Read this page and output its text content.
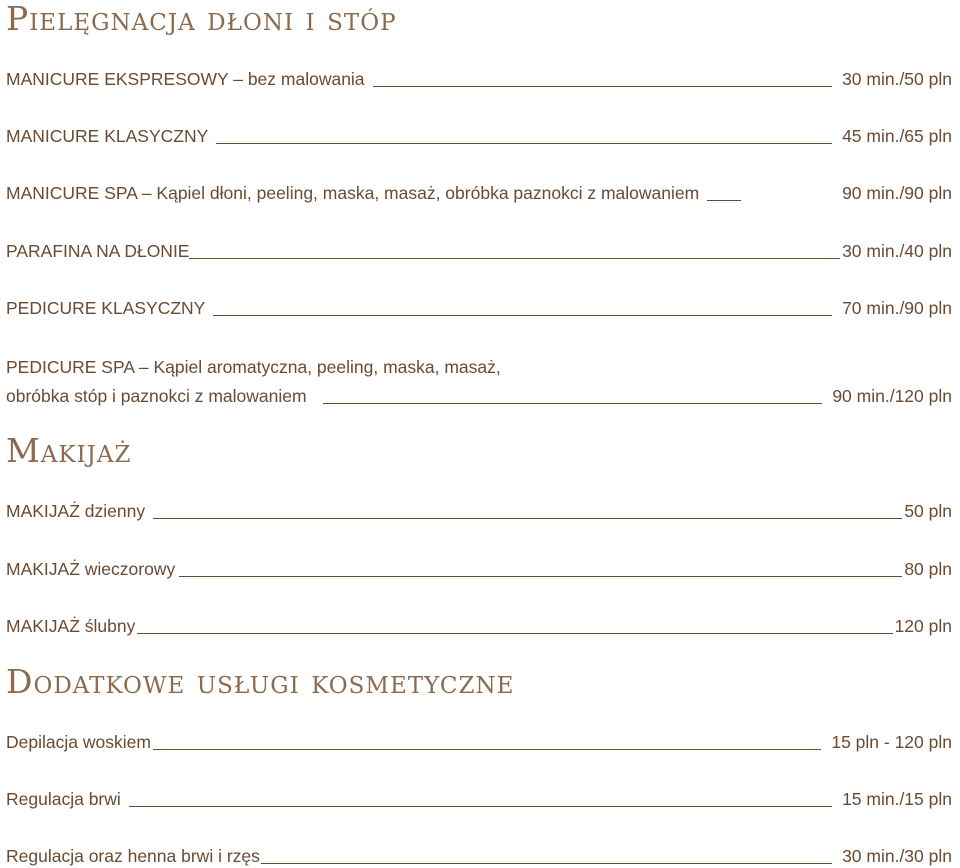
Pielęgnacja dłoni i stóp
MANICURE EKSPRESOWY – bez malowania	30 min./50 pln
MANICURE KLASYCZNY	45 min./65 pln
MANICURE SPA – Kąpiel dłoni, peeling, maska, masaż, obróbka paznokci z malowaniem	90 min./90 pln
PARAFINA NA DŁONIE	30 min./40 pln
PEDICURE KLASYCZNY	70 min./90 pln
PEDICURE SPA – Kąpiel aromatyczna, peeling, maska, masaż,
obróbka stóp i paznokci z malowaniem	90 min./120 pln
Makijaż
MAKIJAŻ dzienny	50 pln
MAKIJAŻ wieczorowy	80 pln
MAKIJAŻ ślubny	120 pln
Dodatkowe usługi kosmetyczne
Depilacja woskiem	15 pln - 120 pln
Regulacja brwi	15 min./15 pln
Regulacja oraz henna brwi i rzęs	30 min./30 pln
